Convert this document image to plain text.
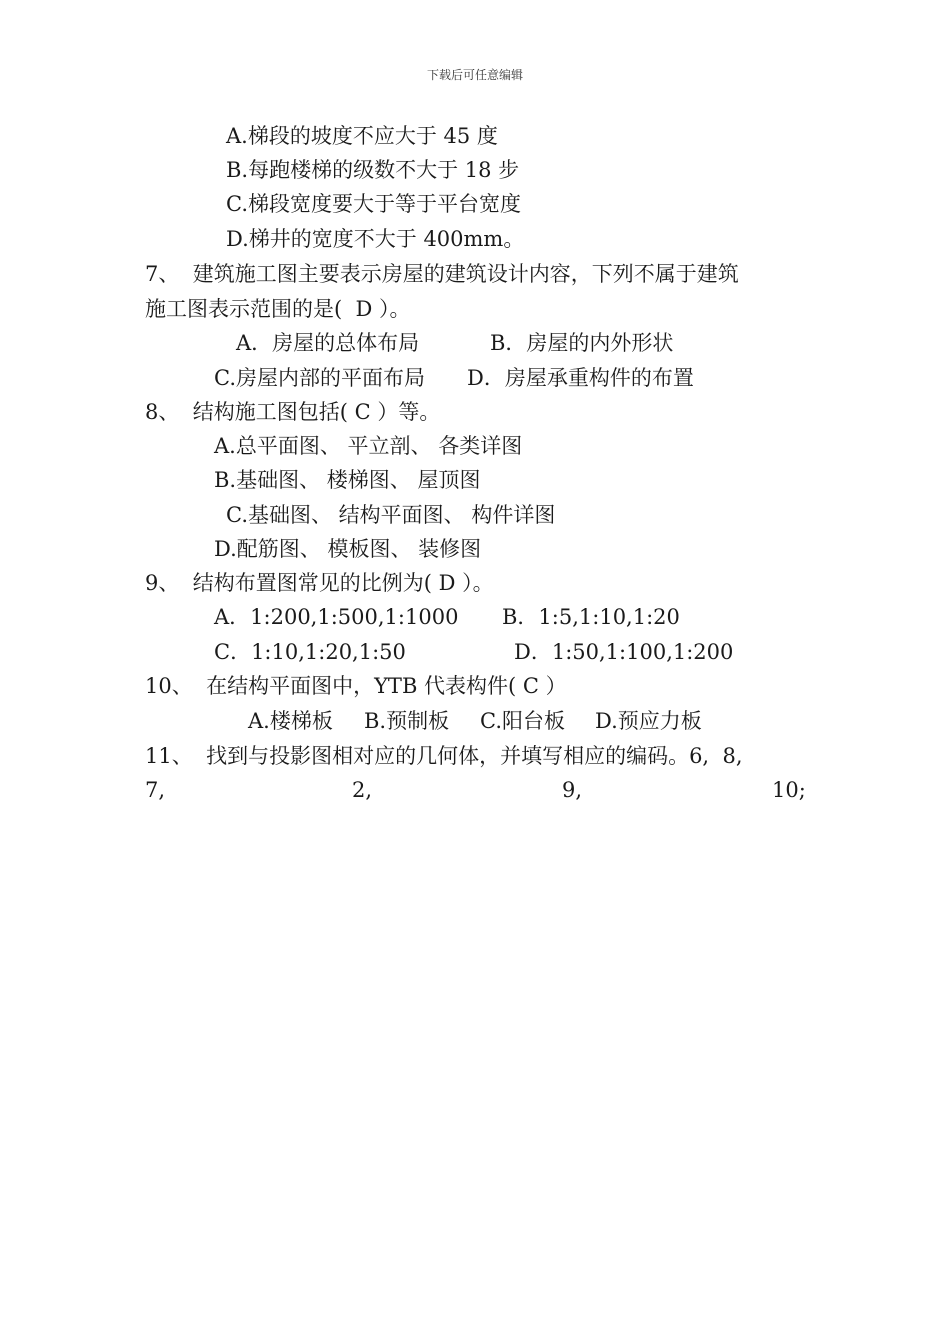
下载后可任意编辑
A.梯段的坡度不应大于 45 度
B.每跑楼梯的级数不大于 18 步
C.梯段宽度要大于等于平台宽度
D.梯井的宽度不大于 400mm。
7、  建筑施工图主要表示房屋的建筑设计内容，下列不属于建筑
施工图表示范围的是(  D ）。
A．房屋的总体布局	B．房屋的内外形状
C.房屋内部的平面布局 D．房屋承重构件的布置
8、  结构施工图包括( C ）等。
A.总平面图、 平立剖、 各类详图
B.基础图、 楼梯图、 屋顶图
C.基础图、 结构平面图、 构件详图
D.配筋图、 模板图、 装修图
9、  结构布置图常见的比例为( D ）。
A．1:200,1:500,1:1000 B．1:5,1:10,1:20
C．1:10,1:20,1:50	D．1:50,1:100,1:200
10、  在结构平面图中，YTB 代表构件( C ）
A.楼梯板 B.预制板 C.阳台板 D.预应力板
11、  找到与投影图相对应的几何体，并填写相应的编码。6,  8,
7,	2,	9,	10;
